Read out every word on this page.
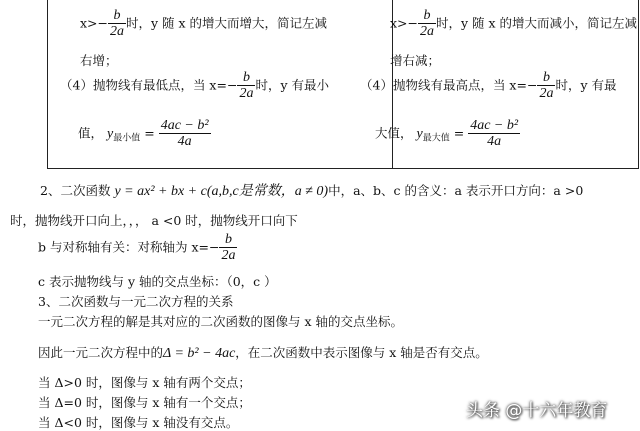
$x>- \frac{b}{2a}$ 时，y 随 x 的增大而增大，简记左减
右增；
（4）抛物线有最低点，当 $x=- \frac{b}{2a}$ 时，y 有最小
值， $y_{最小值} = \frac{\text{4ac − b²}}{4a}$
$x>- \frac{b}{2a}$ 时，y 随 x 的增大而减小，简记左减
增右减；
（4）抛物线有最高点，当 $x=- \frac{b}{2a}$ 时，y 有最
大值， $y_{最大值} = \frac{\text{4ac − b²}}{4a}$
2、二次函数 y = ax² + bx + c(a,b,c是常数，a ≠ 0)中，a、b、c 的含义：a 表示开口方向：a >0
时，抛物线开口向上，，， a <0 时，抛物线开口向下
b 与对称轴有关：对称轴为 $x=- \frac{b}{2a}$
c 表示抛物线与 y 轴的交点坐标：（0，c ）
3、二次函数与一元二次方程的关系
一元二次方程的解是其对应的二次函数的图像与 x 轴的交点坐标。
因此一元二次方程中的Δ = b² − 4ac，在二次函数中表示图像与 x 轴是否有交点。
当 Δ>0 时，图像与 x 轴有两个交点；
当 Δ=0 时，图像与 x 轴有一个交点；
当 Δ<0 时，图像与 x 轴没有交点。
头条 @十六年教育
